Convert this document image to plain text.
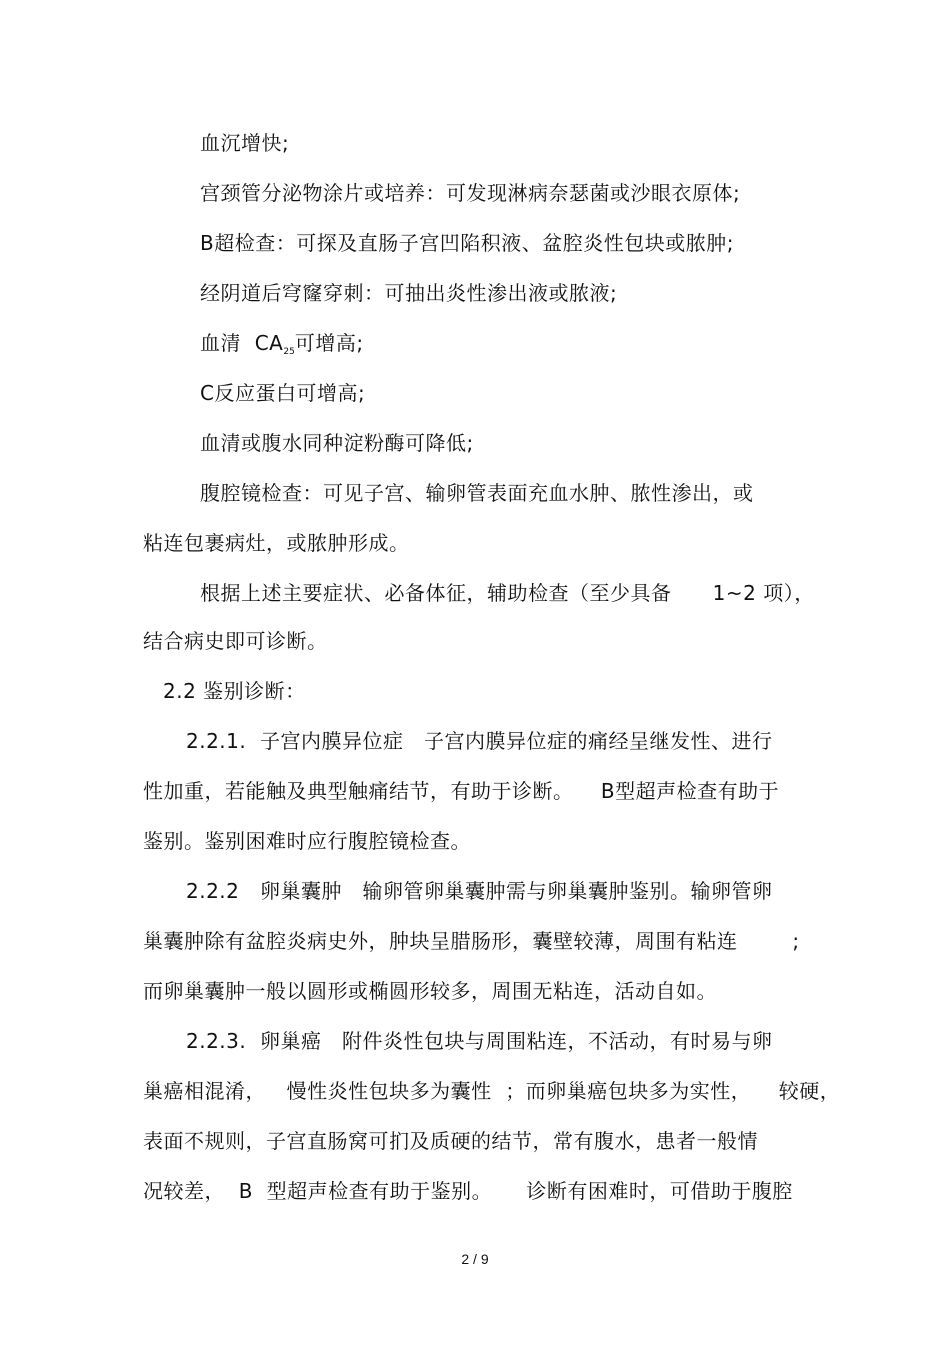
血沉增快;
宫颈管分泌物涂片或培养：可发现淋病奈瑟菌或沙眼衣原体;
B超检查：可探及直肠子宫凹陷积液、盆腔炎性包块或脓肿;
经阴道后穹窿穿刺：可抽出炎性渗出液或脓液;
血清  $CA_{25}$可增高;
C反应蛋白可增高;
血清或腹水同种淀粉酶可降低;
腹腔镜检查：可见子宫、输卵管表面充血水肿、脓性渗出，或
粘连包裹病灶，或脓肿形成。
根据上述主要症状、必备体征，辅助检查（至少具备      1~2 项），
结合病史即可诊断。
2.2 鉴别诊断：
2.2.1.  子宫内膜异位症   子宫内膜异位症的痛经呈继发性、进行
性加重，若能触及典型触痛结节，有助于诊断。    B型超声检查有助于
鉴别。鉴别困难时应行腹腔镜检查。
2.2.2   卵巢囊肿   输卵管卵巢囊肿需与卵巢囊肿鉴别。输卵管卵
巢囊肿除有盆腔炎病史外，肿块呈腊肠形，囊壁较薄，周围有粘连        ;
而卵巢囊肿一般以圆形或椭圆形较多，周围无粘连，活动自如。
2.2.3.  卵巢癌   附件炎性包块与周围粘连，不活动，有时易与卵
巢癌相混淆，   慢性炎性包块多为囊性  ；而卵巢癌包块多为实性，    较硬，
表面不规则，子宫直肠窝可扪及质硬的结节，常有腹水，患者一般情
况较差，  B  型超声检查有助于鉴别。     诊断有困难时，可借助于腹腔
2 / 9
